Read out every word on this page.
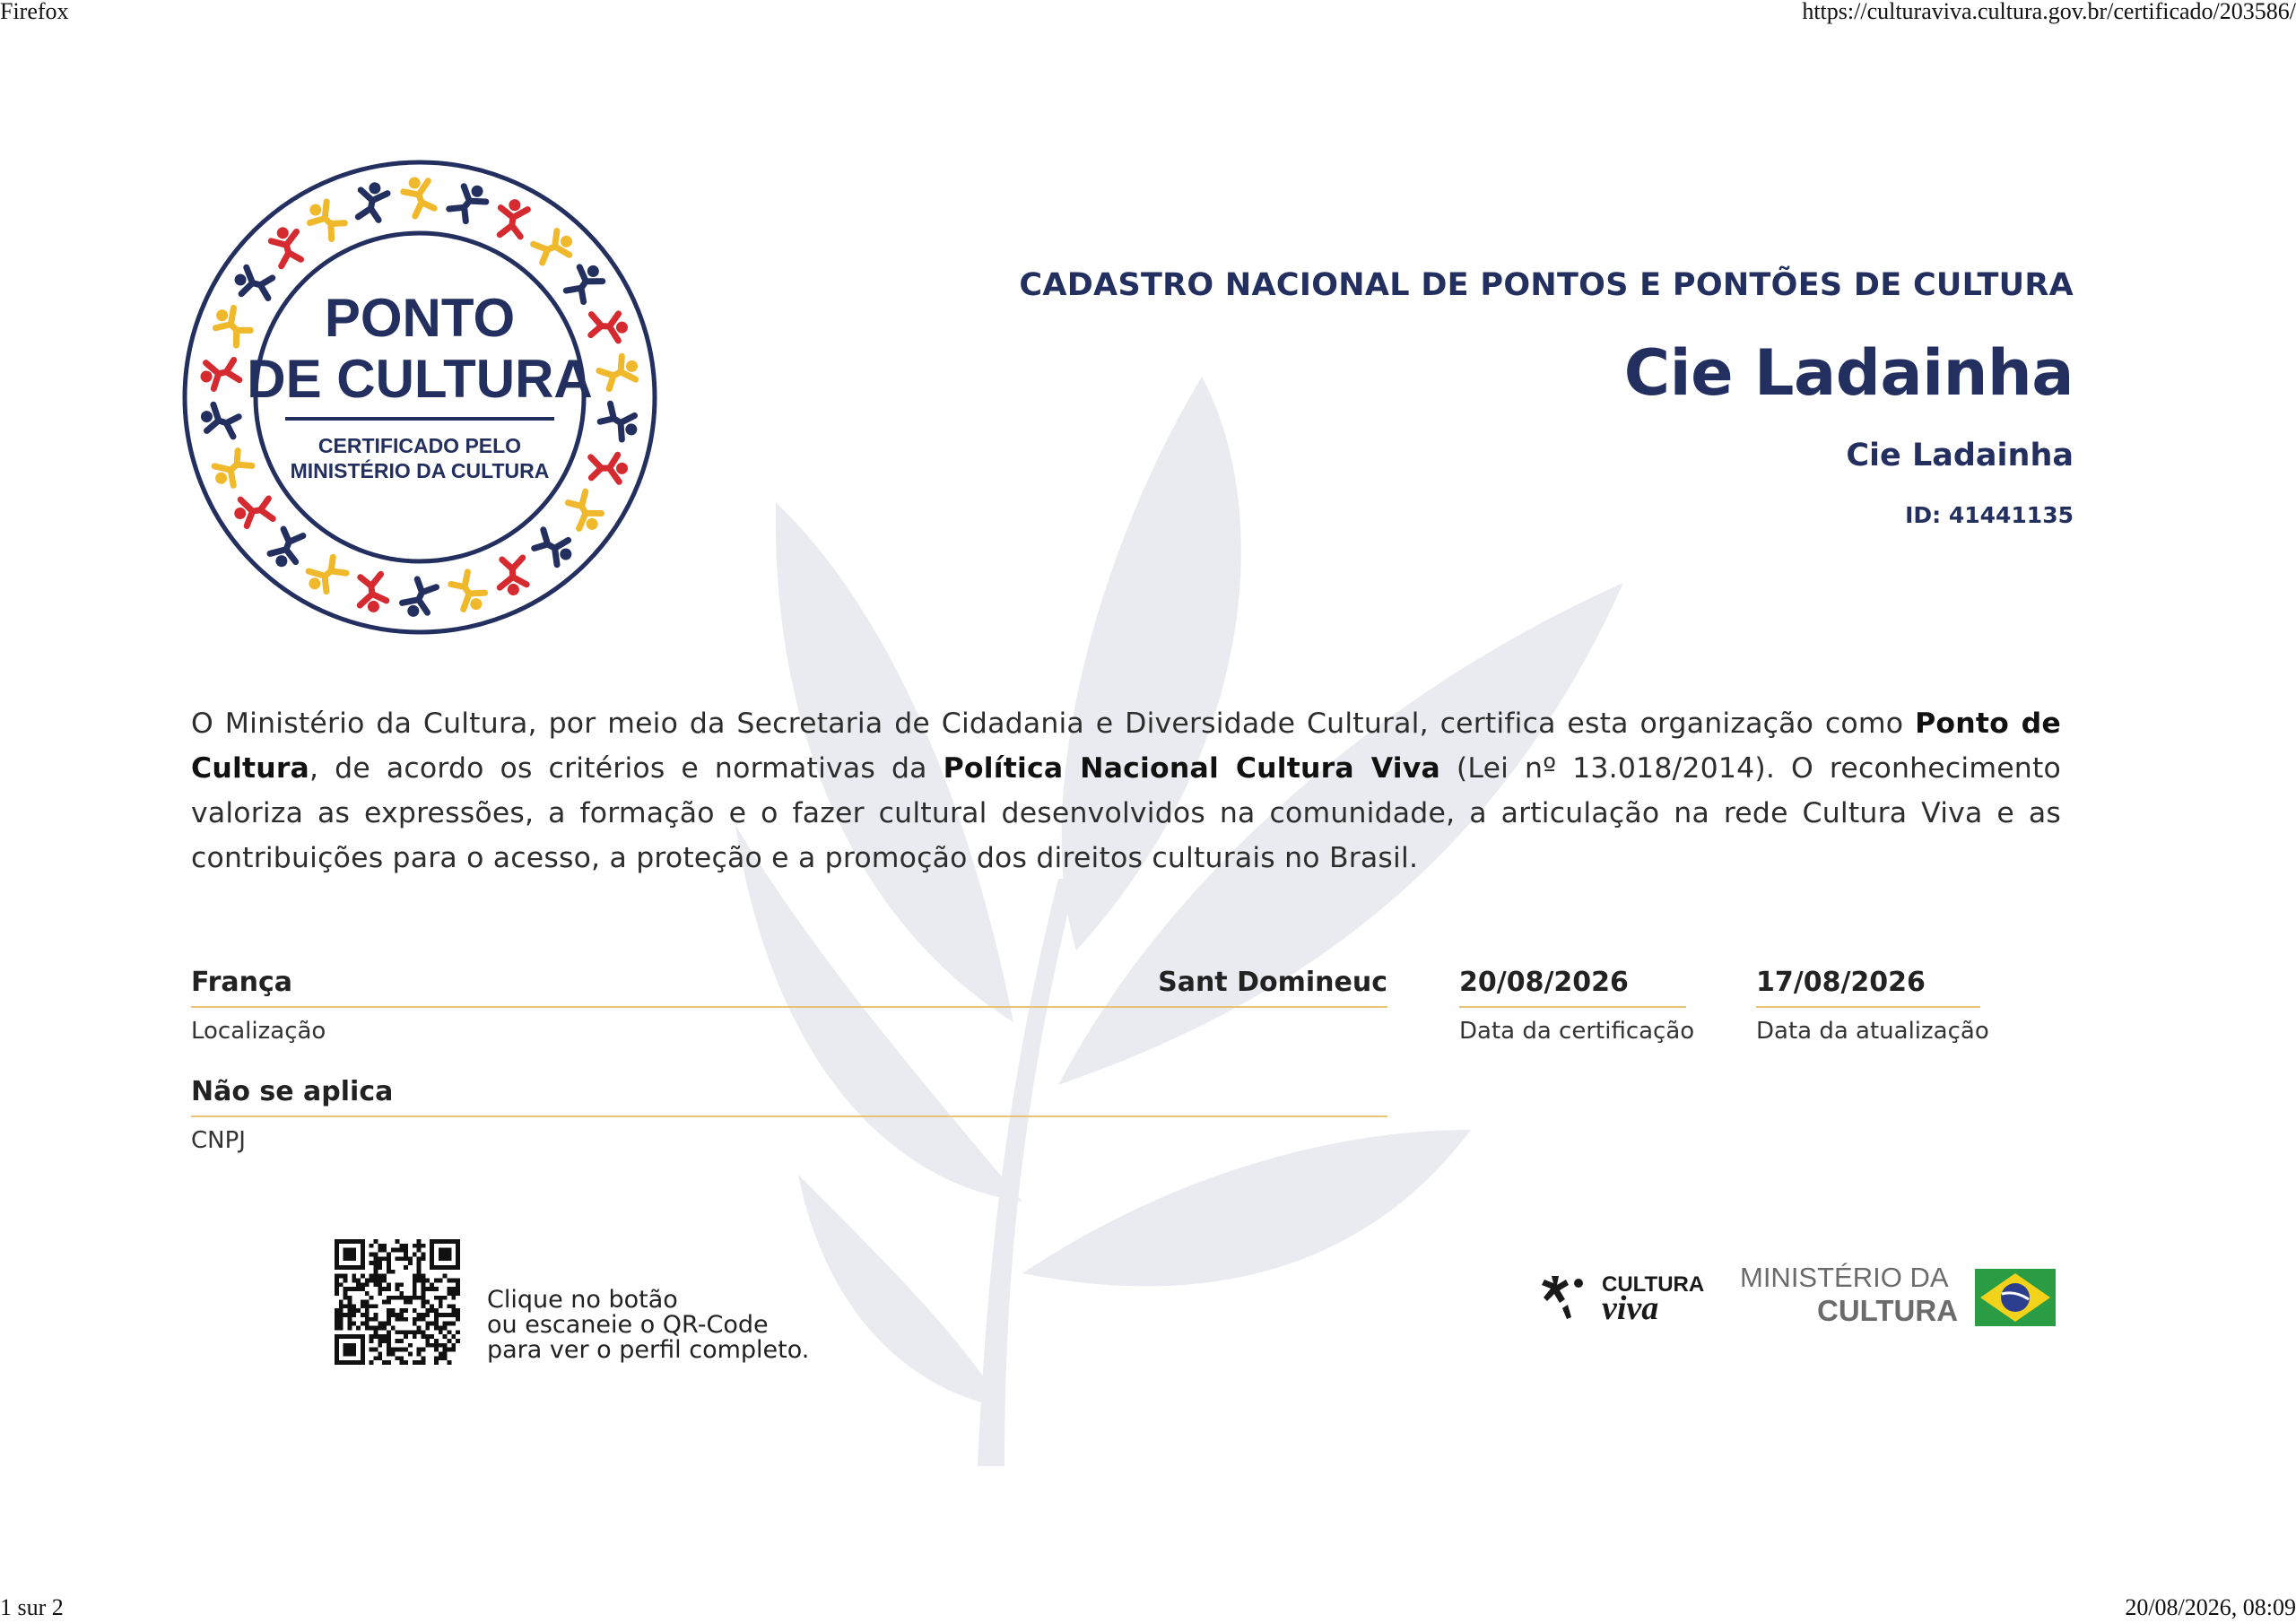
Firefox	https://culturaviva.cultura.gov.br/certificado/203586/
1 sur 2	20/08/2026, 08:09
PONTO
DE CULTURA
CERTIFICADO PELO
MINISTÉRIO DA CULTURA
CADASTRO NACIONAL DE PONTOS E PONTÕES DE CULTURA
Cie Ladainha
Cie Ladainha
ID: 41441135
O Ministério da Cultura, por meio da Secretaria de Cidadania e Diversidade Cultural, certifica esta organização como Ponto de Cultura, de acordo os critérios e normativas da Política Nacional Cultura Viva (Lei nº 13.018/2014). O reconhecimento valoriza as expressões, a formação e o fazer cultural desenvolvidos na comunidade, a articulação na rede Cultura Viva e as contribuições para o acesso, a proteção e a promoção dos direitos culturais no Brasil.
França	Sant Domineuc
Localização
20/08/2026
Data da certificação
17/08/2026
Data da atualização
Não se aplica
CNPJ
Clique no botão
ou escaneie o QR-Code
para ver o perfil completo.
CULTURA
viva
MINISTÉRIO DA
CULTURA
